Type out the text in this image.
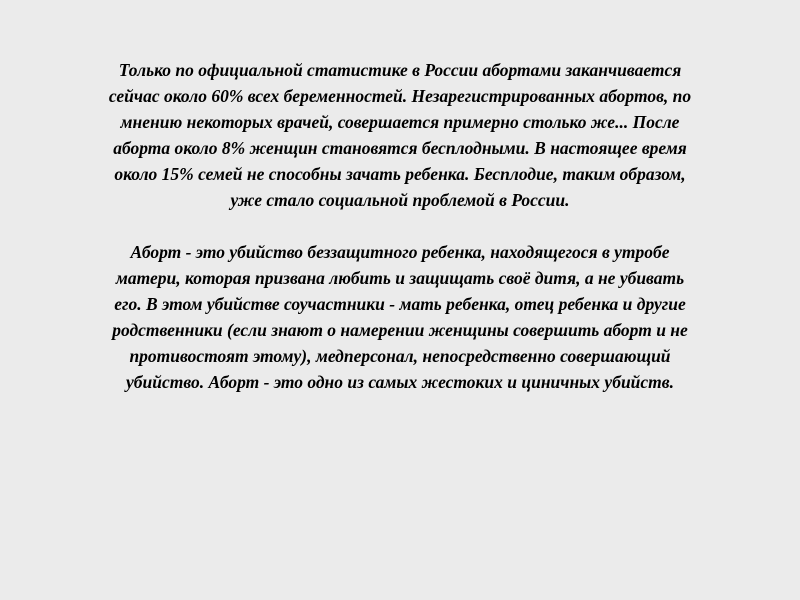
Только по официальной статистике в России абортами заканчивается
сейчас около 60% всех беременностей. Незарегистрированных абортов, по
мнению некоторых врачей, совершается примерно столько же... После
аборта около 8% женщин становятся бесплодными. В настоящее время
около 15% семей не способны зачать ребенка. Бесплодие, таким образом,
уже стало социальной проблемой в России.

Аборт - это убийство беззащитного ребенка, находящегося в утробе
матери, которая призвана любить и защищать своё дитя, а не убивать
его. В этом убийстве соучастники - мать ребенка, отец ребенка и другие
родственники (если знают о намерении женщины совершить аборт и не
противостоят этому), медперсонал, непосредственно совершающий
убийство. Аборт - это одно из самых жестоких и циничных убийств.
